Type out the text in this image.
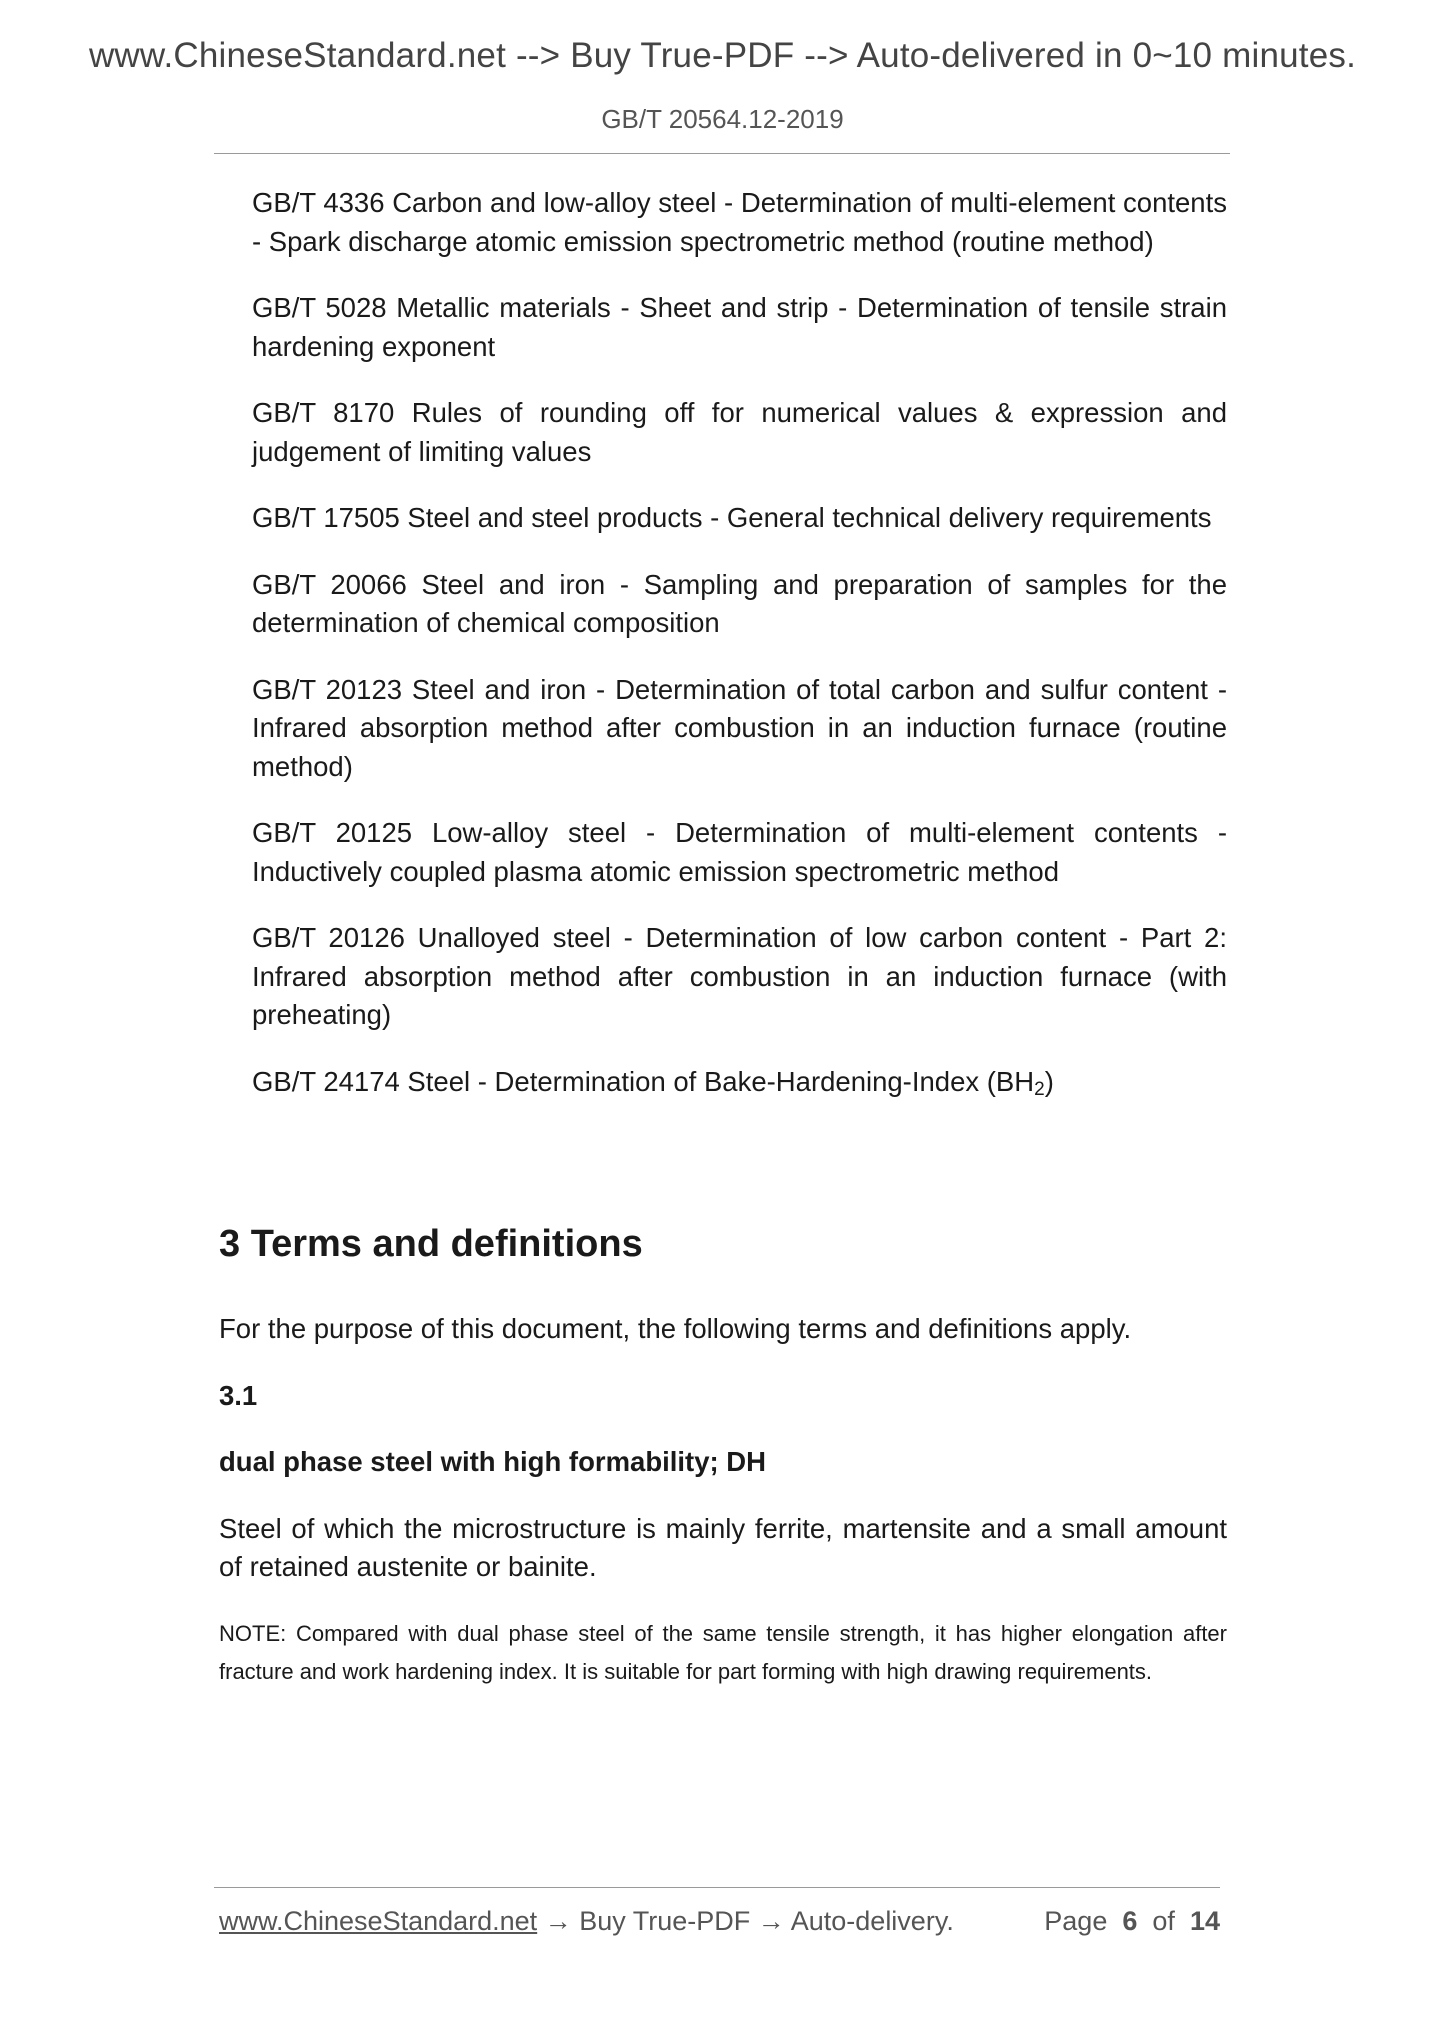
www.ChineseStandard.net --> Buy True-PDF --> Auto-delivered in 0~10 minutes.
GB/T 20564.12-2019

GB/T 4336 Carbon and low-alloy steel - Determination of multi-element contents - Spark discharge atomic emission spectrometric method (routine method)

GB/T 5028 Metallic materials - Sheet and strip - Determination of tensile strain hardening exponent

GB/T 8170 Rules of rounding off for numerical values & expression and judgement of limiting values

GB/T 17505 Steel and steel products - General technical delivery requirements

GB/T 20066 Steel and iron - Sampling and preparation of samples for the determination of chemical composition

GB/T 20123 Steel and iron - Determination of total carbon and sulfur content - Infrared absorption method after combustion in an induction furnace (routine method)

GB/T 20125 Low-alloy steel - Determination of multi-element contents - Inductively coupled plasma atomic emission spectrometric method

GB/T 20126 Unalloyed steel - Determination of low carbon content - Part 2: Infrared absorption method after combustion in an induction furnace (with preheating)

GB/T 24174 Steel - Determination of Bake-Hardening-Index $(BH_2)$

3 Terms and definitions

For the purpose of this document, the following terms and definitions apply.

3.1

dual phase steel with high formability; DH

Steel of which the microstructure is mainly ferrite, martensite and a small amount of retained austenite or bainite.

NOTE: Compared with dual phase steel of the same tensile strength, it has higher elongation after fracture and work hardening index. It is suitable for part forming with high drawing requirements.

www.ChineseStandard.net → Buy True-PDF → Auto-delivery.	Page 6 of 14
